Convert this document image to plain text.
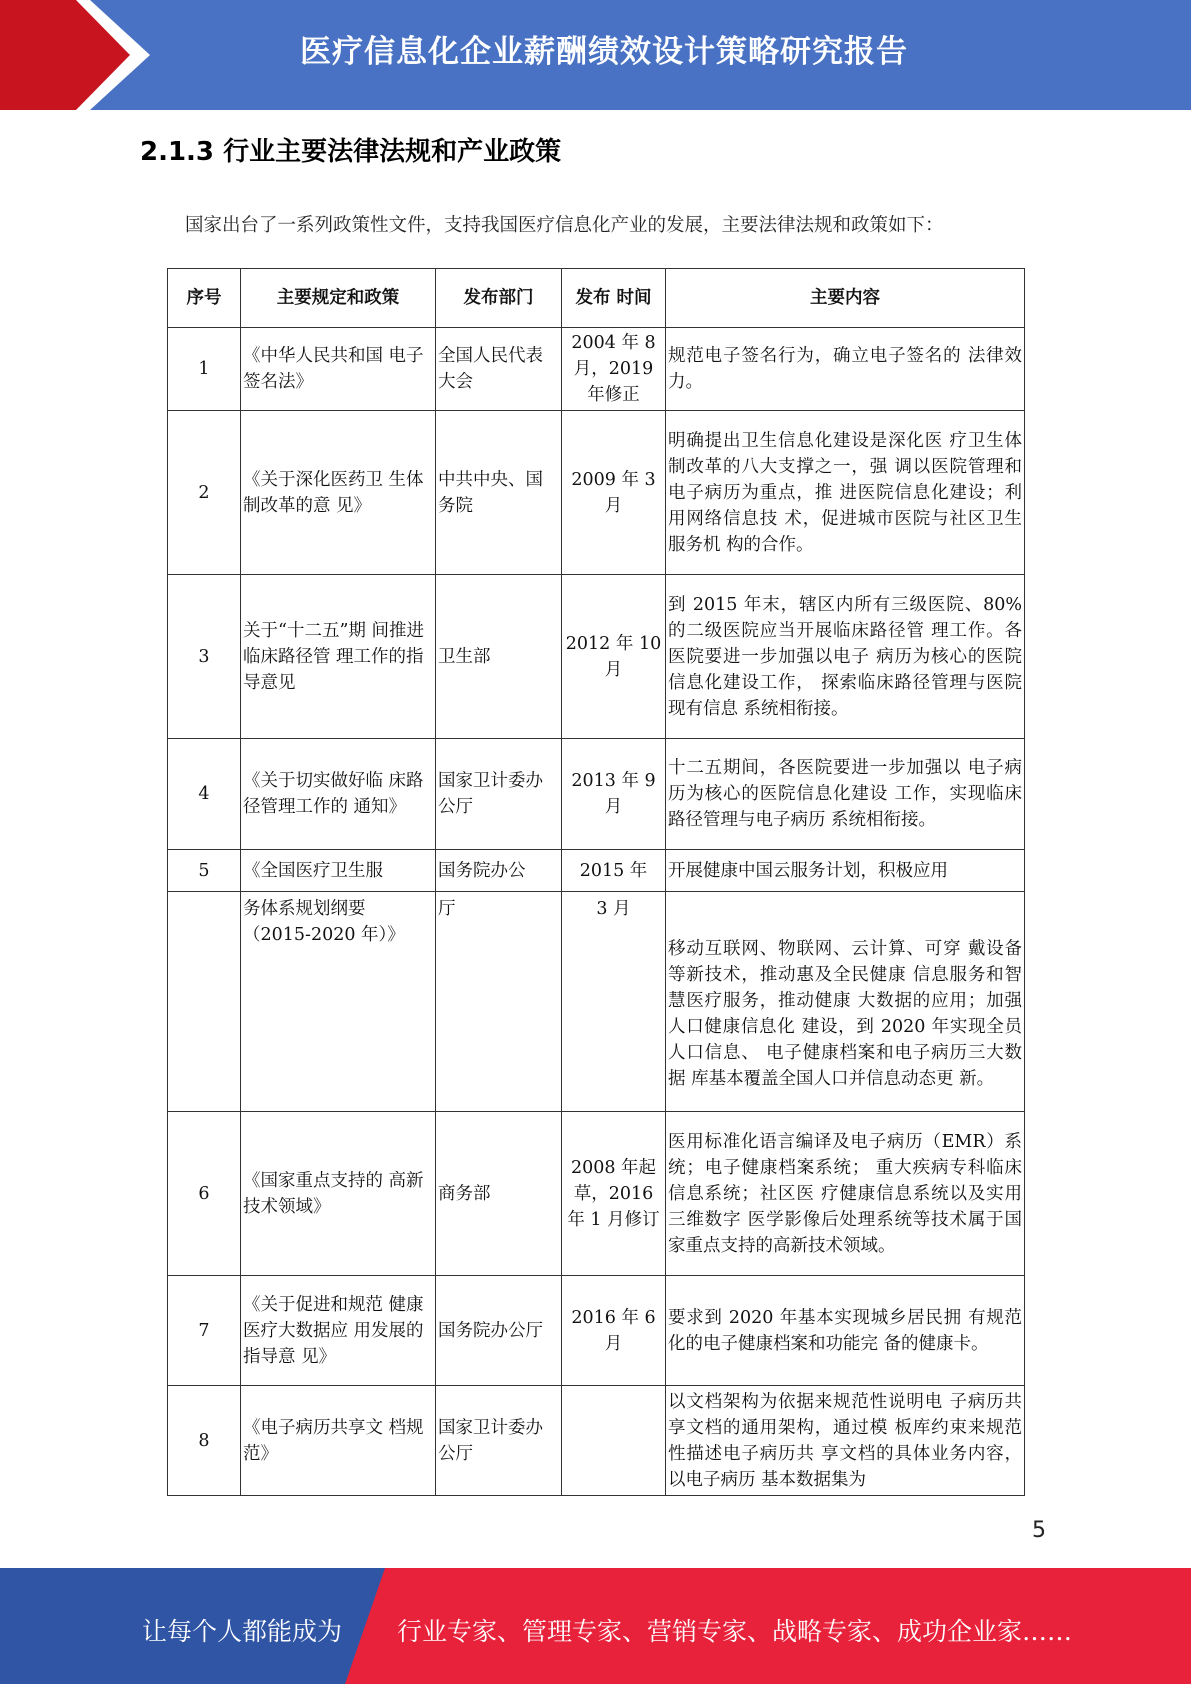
医疗信息化企业薪酬绩效设计策略研究报告
2.1.3 行业主要法律法规和产业政策
国家出台了一系列政策性文件，支持我国医疗信息化产业的发展，主要法律法规和政策如下：
序号	主要规定和政策	发布部门	发布 时间	主要内容
1	《中华人民共和国 电子签名法》	全国人民代表大会	2004 年 8 月，2019 年修正	规范电子签名行为，确立电子签名的 法律效力。
2	《关于深化医药卫 生体制改革的意 见》	中共中央、国务院	2009 年 3 月	明确提出卫生信息化建设是深化医 疗卫生体制改革的八大支撑之一，强 调以医院管理和电子病历为重点，推 进医院信息化建设；利用网络信息技 术，促进城市医院与社区卫生服务机 构的合作。
3	关于“十二五”期 间推进临床路径管 理工作的指导意见	卫生部	2012 年 10 月	到 2015 年末，辖区内所有三级医院、80%的二级医院应当开展临床路径管 理工作。各医院要进一步加强以电子 病历为核心的医院信息化建设工作， 探索临床路径管理与医院现有信息 系统相衔接。
4	《关于切实做好临 床路径管理工作的 通知》	国家卫计委办公厅	2013 年 9 月	十二五期间，各医院要进一步加强以 电子病历为核心的医院信息化建设 工作，实现临床路径管理与电子病历 系统相衔接。
5	《全国医疗卫生服	国务院办公	2015 年	开展健康中国云服务计划，积极应用
	务体系规划纲要（2015-2020 年）》	厅	3 月	移动互联网、物联网、云计算、可穿 戴设备等新技术，推动惠及全民健康 信息服务和智慧医疗服务，推动健康 大数据的应用；加强人口健康信息化 建设，到 2020 年实现全员人口信息、 电子健康档案和电子病历三大数据 库基本覆盖全国人口并信息动态更 新。
6	《国家重点支持的 高新技术领域》	商务部	2008 年起草，2016 年 1 月修订	医用标准化语言编译及电子病历（EMR）系统；电子健康档案系统； 重大疾病专科临床信息系统；社区医 疗健康信息系统以及实用三维数字 医学影像后处理系统等技术属于国 家重点支持的高新技术领域。
7	《关于促进和规范 健康医疗大数据应 用发展的指导意 见》	国务院办公厅	2016 年 6 月	要求到 2020 年基本实现城乡居民拥 有规范化的电子健康档案和功能完 备的健康卡。
8	《电子病历共享文 档规范》	国家卫计委办公厅		以文档架构为依据来规范性说明电 子病历共享文档的通用架构，通过模 板库约束来规范性描述电子病历共 享文档的具体业务内容，以电子病历 基本数据集为
5
让每个人都能成为 行业专家、管理专家、营销专家、战略专家、成功企业家……
